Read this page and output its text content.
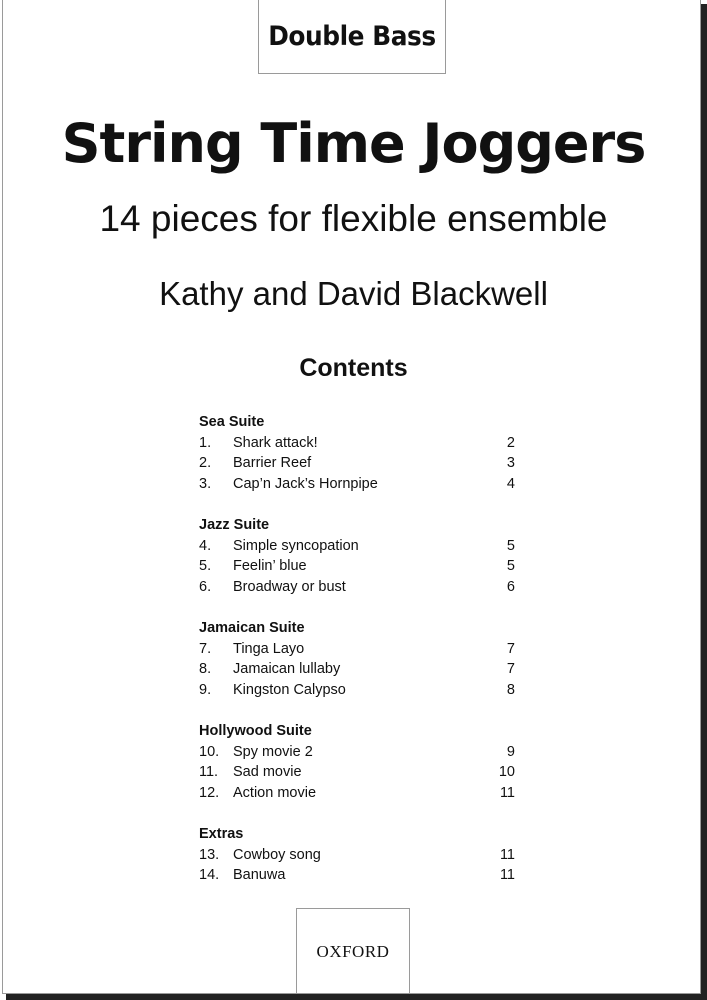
Double Bass
String Time Joggers
14 pieces for flexible ensemble
Kathy and David Blackwell
Contents
Sea Suite
1. Shark attack!	2
2. Barrier Reef	3
3. Cap’n Jack’s Hornpipe	4
Jazz Suite
4. Simple syncopation	5
5. Feelin’ blue	5
6. Broadway or bust	6
Jamaican Suite
7. Tinga Layo	7
8. Jamaican lullaby	7
9. Kingston Calypso	8
Hollywood Suite
10. Spy movie 2	9
11. Sad movie	10
12. Action movie	11
Extras
13. Cowboy song	11
14. Banuwa	11
OXFORD
